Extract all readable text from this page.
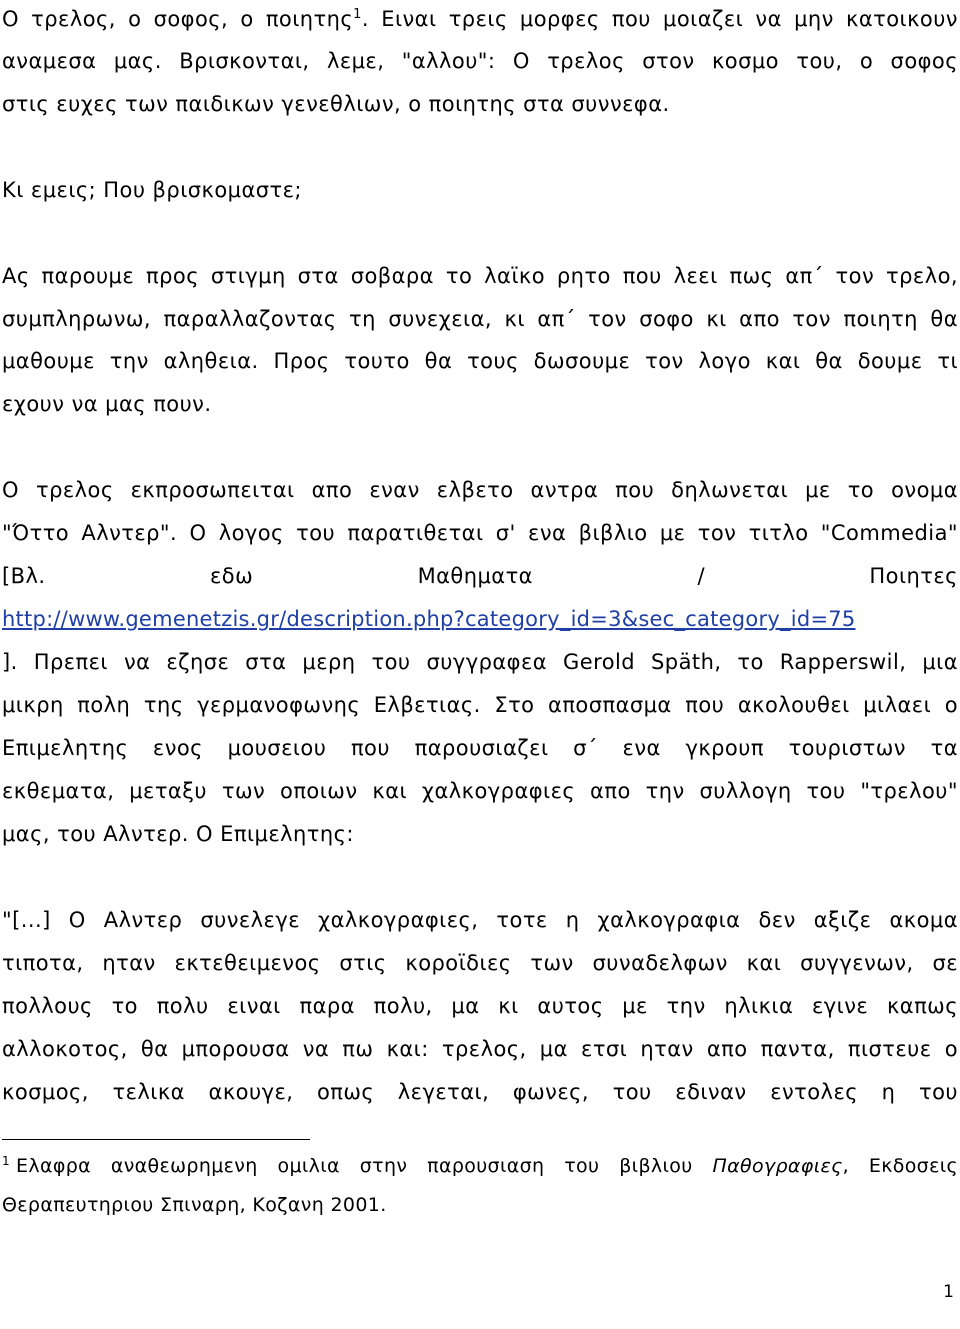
Ο τρελος, ο σοφος, ο ποιητης$^1$. Ειναι τρεις μορφες που μοιαζει να μην κατοικουν
αναμεσα μας. Βρισκονται, λεμε, "αλλου": Ο τρελος στον κοσμο του, ο σοφος
στις ευχες των παιδικων γενεθλιων, ο ποιητης στα συννεφα.
Κι εμεις; Που βρισκομαστε;
Ας παρουμε προς στιγμη στα σοβαρα το λαϊκο ρητο που λεει πως απ΄ τον τρελο,
συμπληρωνω, παραλλαζοντας τη συνεχεια, κι απ΄ τον σοφο κι απο τον ποιητη θα
μαθουμε την αληθεια. Προς τουτο θα τους δωσουμε τον λογο και θα δουμε τι
εχουν να μας πουν.
Ο τρελος εκπροσωπειται απο εναν ελβετο αντρα που δηλωνεται με το ονομα
"Όττο Αλντερ". Ο λογος του παρατιθεται σ' ενα βιβλιο με τον τιτλο "Commedia"
[Βλ.	εδω	Μαθηματα	/	Ποιητες
http://www.gemenetzis.gr/description.php?category_id=3&sec_category_id=75
]. Πρεπει να εζησε στα μερη του συγγραφεα Gerold Späth, το Rapperswil, μια
μικρη πολη της γερμανοφωνης Ελβετιας. Στο αποσπασμα που ακολουθει μιλαει ο
Επιμελητης ενος μουσειου που παρουσιαζει σ΄ ενα γκρουπ τουριστων τα
εκθεματα, μεταξυ των οποιων και χαλκογραφιες απο την συλλογη του "τρελου"
μας, του Αλντερ. Ο Επιμελητης:
"[...] Ο Αλντερ συνελεγε χαλκογραφιες, τοτε η χαλκογραφια δεν αξιζε ακομα
τιποτα, ηταν εκτεθειμενος στις κοροϊδιες των συναδελφων και συγγενων, σε
πολλους το πολυ ειναι παρα πολυ, μα κι αυτος με την ηλικια εγινε καπως
αλλοκοτος, θα μπορουσα να πω και: τρελος, μα ετσι ηταν απο παντα, πιστευε ο
κοσμος, τελικα ακουγε, οπως λεγεται, φωνες, του εδιναν εντολες η του
$^1$ Ελαφρα αναθεωρημενη ομιλια στην παρουσιαση του βιβλιου Παθογραφιες, Εκδοσεις
Θεραπευτηριου Σπιναρη, Κοζανη 2001.
1
